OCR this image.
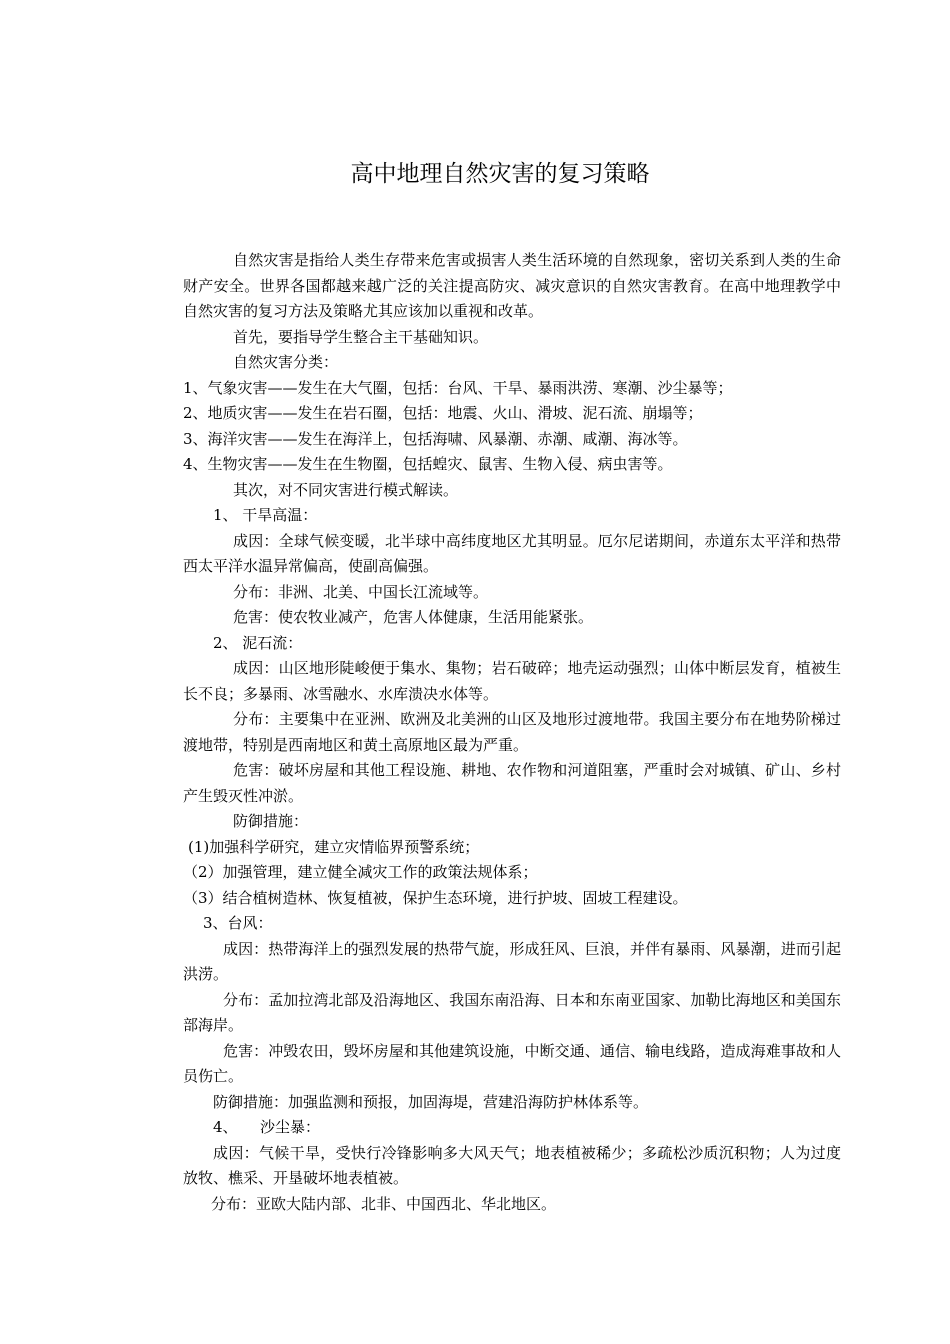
高中地理自然灾害的复习策略

自然灾害是指给人类生存带来危害或损害人类生活环境的自然现象，密切关系到人类的生命财产安全。世界各国都越来越广泛的关注提高防灾、减灾意识的自然灾害教育。在高中地理教学中自然灾害的复习方法及策略尤其应该加以重视和改革。

首先，要指导学生整合主干基础知识。

自然灾害分类：

1、气象灾害——发生在大气圈，包括：台风、干旱、暴雨洪涝、寒潮、沙尘暴等；

2、地质灾害——发生在岩石圈，包括：地震、火山、滑坡、泥石流、崩塌等；

3、海洋灾害——发生在海洋上，包括海啸、风暴潮、赤潮、咸潮、海冰等。

4、生物灾害——发生在生物圈，包括蝗灾、鼠害、生物入侵、病虫害等。

其次，对不同灾害进行模式解读。

1、 干旱高温：

成因：全球气候变暖，北半球中高纬度地区尤其明显。厄尔尼诺期间，赤道东太平洋和热带西太平洋水温异常偏高，使副高偏强。

分布：非洲、北美、中国长江流域等。

危害：使农牧业减产，危害人体健康，生活用能紧张。

2、 泥石流：

成因：山区地形陡峻便于集水、集物；岩石破碎；地壳运动强烈；山体中断层发育，植被生长不良；多暴雨、冰雪融水、水库溃决水体等。

分布：主要集中在亚洲、欧洲及北美洲的山区及地形过渡地带。我国主要分布在地势阶梯过渡地带，特别是西南地区和黄土高原地区最为严重。

危害：破坏房屋和其他工程设施、耕地、农作物和河道阻塞，严重时会对城镇、矿山、乡村产生毁灭性冲淤。

防御措施：

(1)加强科学研究，建立灾情临界预警系统；

（2）加强管理，建立健全减灾工作的政策法规体系；

（3）结合植树造林、恢复植被，保护生态环境，进行护坡、固坡工程建设。

3、台风：

成因：热带海洋上的强烈发展的热带气旋，形成狂风、巨浪，并伴有暴雨、风暴潮，进而引起洪涝。

分布：孟加拉湾北部及沿海地区、我国东南沿海、日本和东南亚国家、加勒比海地区和美国东部海岸。

危害：冲毁农田，毁坏房屋和其他建筑设施，中断交通、通信、输电线路，造成海难事故和人员伤亡。

防御措施：加强监测和预报，加固海堤，营建沿海防护林体系等。

4、　　沙尘暴：

成因：气候干旱，受快行冷锋影响多大风天气；地表植被稀少；多疏松沙质沉积物；人为过度放牧、樵采、开垦破坏地表植被。

分布：亚欧大陆内部、北非、中国西北、华北地区。
